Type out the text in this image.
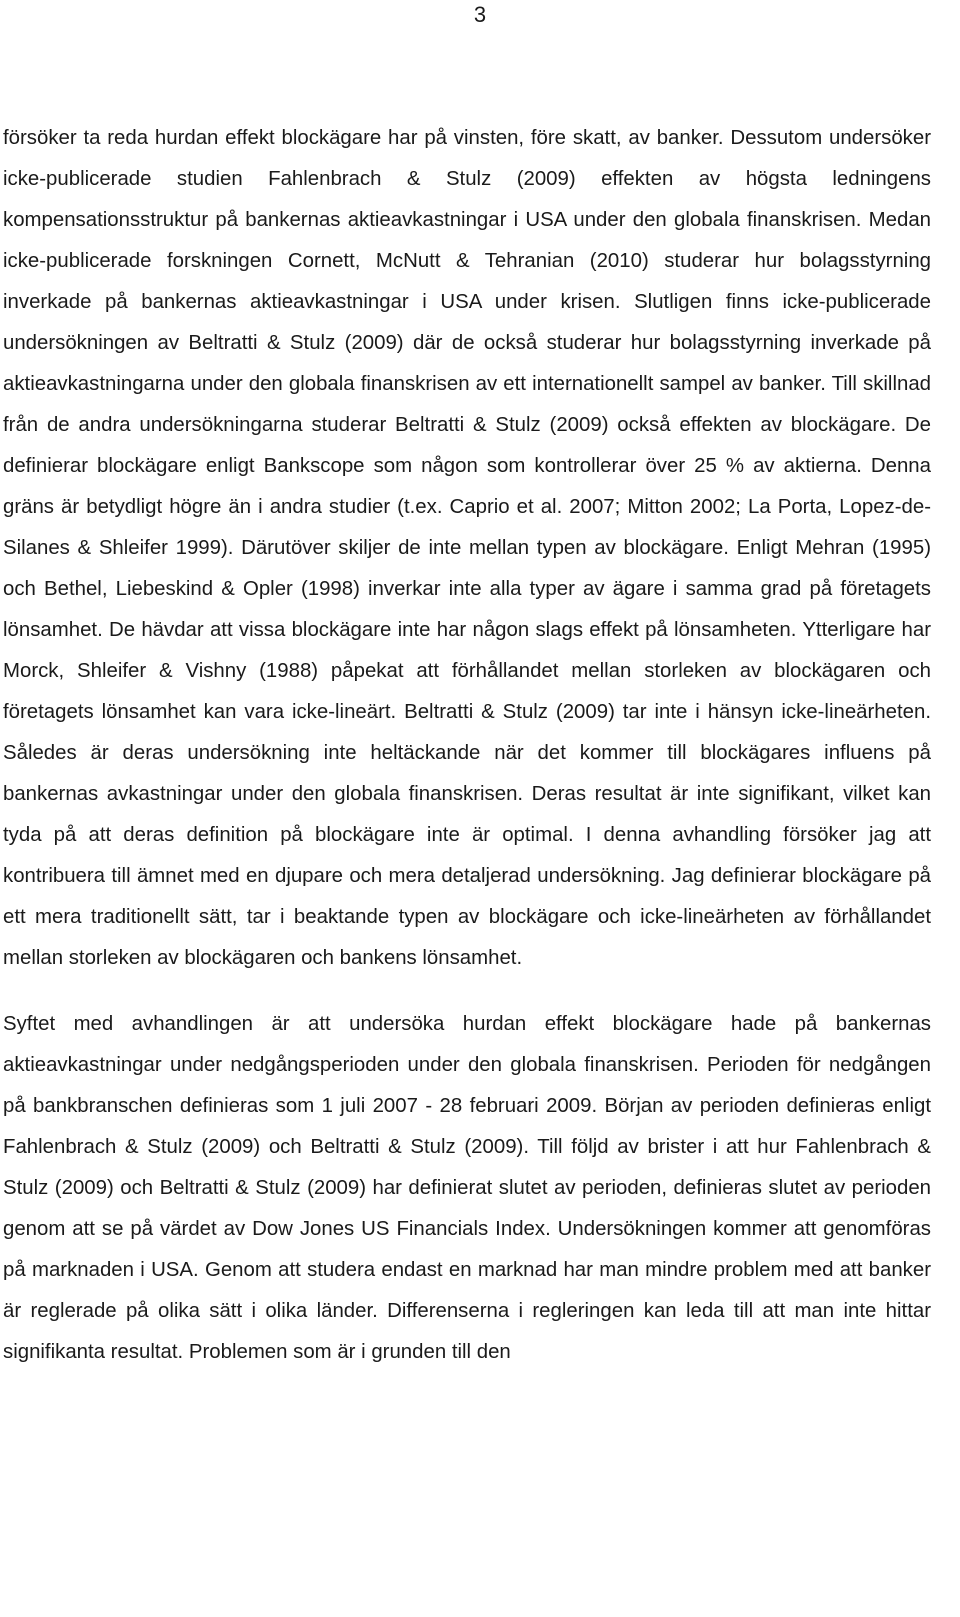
3

försöker ta reda hurdan effekt blockägare har på vinsten, före skatt, av banker. Dessutom undersöker icke-publicerade studien Fahlenbrach & Stulz (2009) effekten av högsta ledningens kompensationsstruktur på bankernas aktieavkastningar i USA under den globala finanskrisen. Medan icke-publicerade forskningen Cornett, McNutt & Tehranian (2010) studerar hur bolagsstyrning inverkade på bankernas aktieavkastningar i USA under krisen. Slutligen finns icke-publicerade undersökningen av Beltratti & Stulz (2009) där de också studerar hur bolagsstyrning inverkade på aktieavkastningarna under den globala finanskrisen av ett internationellt sampel av banker. Till skillnad från de andra undersökningarna studerar Beltratti & Stulz (2009) också effekten av blockägare. De definierar blockägare enligt Bankscope som någon som kontrollerar över 25 % av aktierna. Denna gräns är betydligt högre än i andra studier (t.ex. Caprio et al. 2007; Mitton 2002; La Porta, Lopez-de-Silanes & Shleifer 1999). Därutöver skiljer de inte mellan typen av blockägare. Enligt Mehran (1995) och Bethel, Liebeskind & Opler (1998) inverkar inte alla typer av ägare i samma grad på företagets lönsamhet. De hävdar att vissa blockägare inte har någon slags effekt på lönsamheten. Ytterligare har Morck, Shleifer & Vishny (1988) påpekat att förhållandet mellan storleken av blockägaren och företagets lönsamhet kan vara icke-lineärt. Beltratti & Stulz (2009) tar inte i hänsyn icke-lineärheten. Således är deras undersökning inte heltäckande när det kommer till blockägares influens på bankernas avkastningar under den globala finanskrisen. Deras resultat är inte signifikant, vilket kan tyda på att deras definition på blockägare inte är optimal. I denna avhandling försöker jag att kontribuera till ämnet med en djupare och mera detaljerad undersökning. Jag definierar blockägare på ett mera traditionellt sätt, tar i beaktande typen av blockägare och icke-lineärheten av förhållandet mellan storleken av blockägaren och bankens lönsamhet.

Syftet med avhandlingen är att undersöka hurdan effekt blockägare hade på bankernas aktieavkastningar under nedgångsperioden under den globala finanskrisen. Perioden för nedgången på bankbranschen definieras som 1 juli 2007 - 28 februari 2009. Början av perioden definieras enligt Fahlenbrach & Stulz (2009) och Beltratti & Stulz (2009). Till följd av brister i att hur Fahlenbrach & Stulz (2009) och Beltratti & Stulz (2009) har definierat slutet av perioden, definieras slutet av perioden genom att se på värdet av Dow Jones US Financials Index. Undersökningen kommer att genomföras på marknaden i USA. Genom att studera endast en marknad har man mindre problem med att banker är reglerade på olika sätt i olika länder. Differenserna i regleringen kan leda till att man inte hittar signifikanta resultat. Problemen som är i grunden till den
